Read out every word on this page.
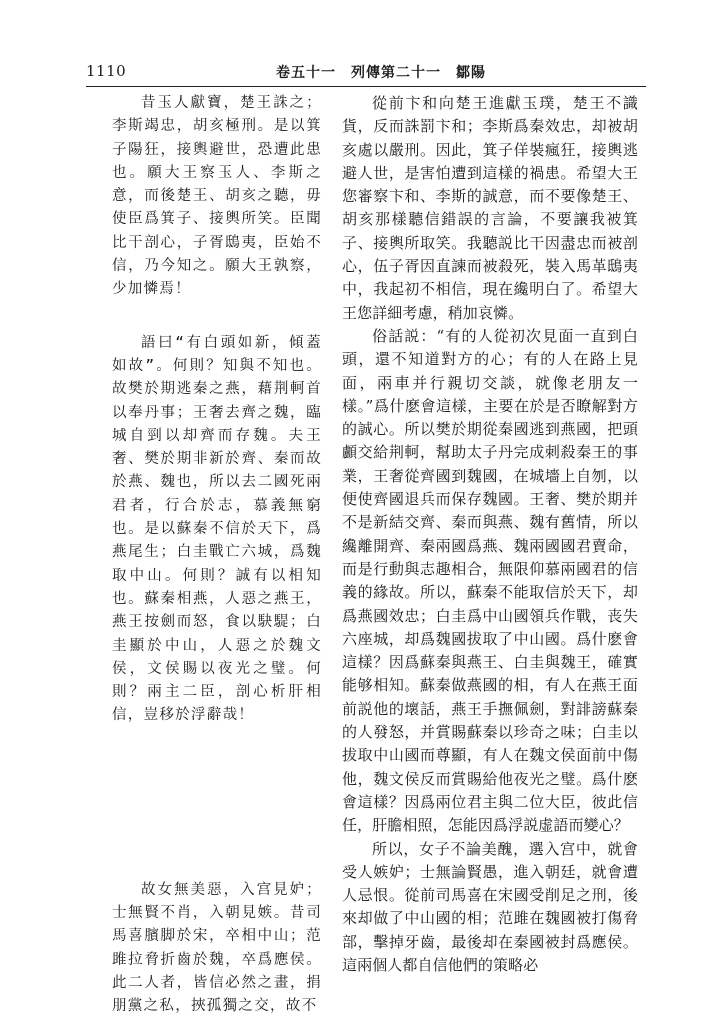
1110	卷五十一　列傳第二十一　鄒陽

昔玉人獻寶，楚王誅之；李斯竭忠，胡亥極刑。是以箕子陽狂，接輿避世，恐遭此患也。願大王察玉人、李斯之意，而後楚王、胡亥之聽，毋使臣爲箕子、接輿所笑。臣聞比干剖心，子胥鴟夷，臣始不信，乃今知之。願大王孰察，少加憐焉！

語曰“有白頭如新，傾蓋如故”。何則？知與不知也。故樊於期逃秦之燕，藉荆軻首以奉丹事；王奢去齊之魏，臨城自剄以却齊而存魏。夫王奢、樊於期非新於齊、秦而故於燕、魏也，所以去二國死兩君者，行合於志，慕義無窮也。是以蘇秦不信於天下，爲燕尾生；白圭戰亡六城，爲魏取中山。何則？誠有以相知也。蘇秦相燕，人惡之燕王，燕王按劍而怒，食以駃騠；白圭顯於中山，人惡之於魏文侯，文侯賜以夜光之璧。何則？兩主二臣，剖心析肝相信，豈移於浮辭哉！

故女無美惡，入宫見妒；士無賢不肖，入朝見嫉。昔司馬喜臏脚於宋，卒相中山；范雎拉脅折齒於魏，卒爲應侯。此二人者，皆信必然之畫，捐朋黨之私，挾孤獨之交，故不

從前卞和向楚王進獻玉璞，楚王不識貨，反而誅罰卞和；李斯爲秦效忠，却被胡亥處以嚴刑。因此，箕子佯裝瘋狂，接輿逃避人世，是害怕遭到這樣的禍患。希望大王您審察卞和、李斯的誠意，而不要像楚王、胡亥那樣聽信錯誤的言論，不要讓我被箕子、接輿所取笑。我聽説比干因盡忠而被剖心，伍子胥因直諫而被殺死，裝入馬革鴟夷中，我起初不相信，現在纔明白了。希望大王您詳細考慮，稍加哀憐。

俗話説：“有的人從初次見面一直到白頭，還不知道對方的心；有的人在路上見面，兩車并行親切交談，就像老朋友一樣。”爲什麽會這樣，主要在於是否瞭解對方的誠心。所以樊於期從秦國逃到燕國，把頭顱交給荆軻，幫助太子丹完成刺殺秦王的事業，王奢從齊國到魏國，在城墻上自刎，以便使齊國退兵而保存魏國。王奢、樊於期并不是新結交齊、秦而與燕、魏有舊情，所以纔離開齊、秦兩國爲燕、魏兩國國君賣命，而是行動與志趣相合，無限仰慕兩國君的信義的緣故。所以，蘇秦不能取信於天下，却爲燕國效忠；白圭爲中山國領兵作戰，丧失六座城，却爲魏國拔取了中山國。爲什麽會這樣？因爲蘇秦與燕王、白圭與魏王，確實能够相知。蘇秦做燕國的相，有人在燕王面前説他的壞話，燕王手撫佩劍，對誹謗蘇秦的人發怒，并賞賜蘇秦以珍奇之味；白圭以拔取中山國而尊顯，有人在魏文侯面前中傷他，魏文侯反而賞賜給他夜光之璧。爲什麽會這樣？因爲兩位君主與二位大臣，彼此信任，肝膽相照，怎能因爲浮説虚語而變心？

所以，女子不論美醜，選入宫中，就會受人嫉妒；士無論賢愚，進入朝廷，就會遭人忌恨。從前司馬喜在宋國受削足之刑，後來却做了中山國的相；范雎在魏國被打傷脅部，擊掉牙齒，最後却在秦國被封爲應侯。這兩個人都自信他們的策略必
